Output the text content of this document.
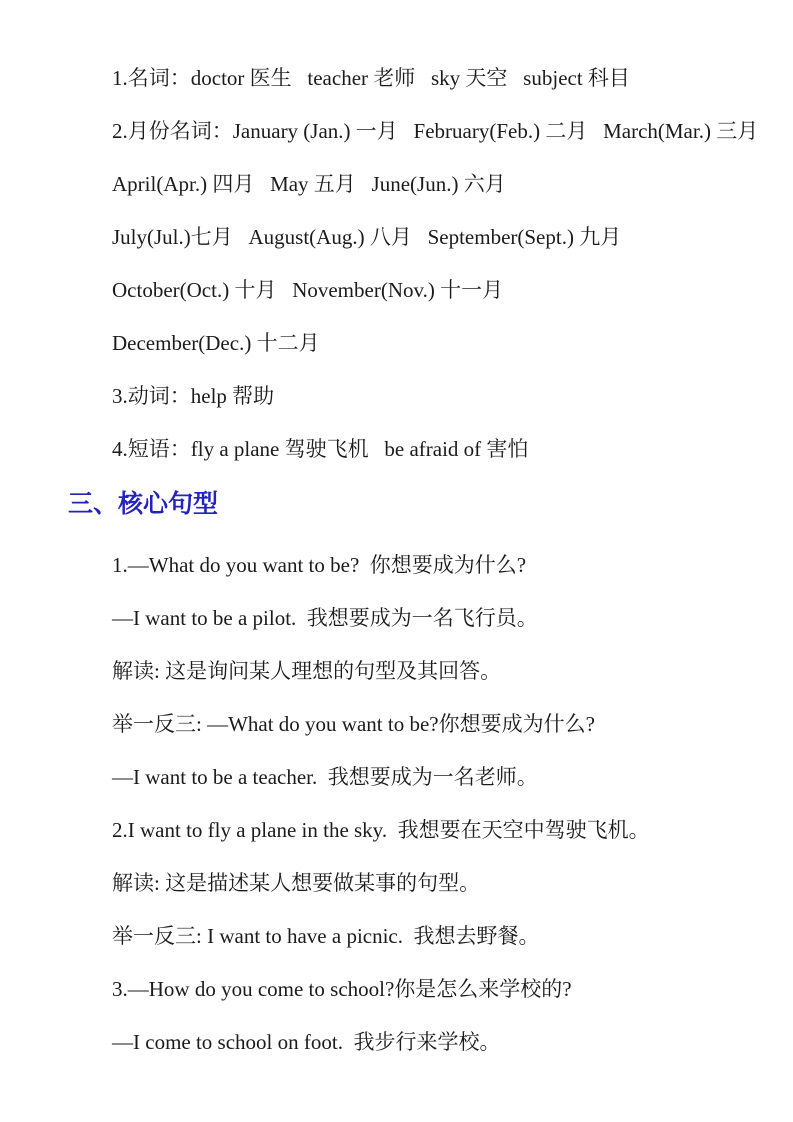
1.名词：doctor 医生   teacher 老师   sky 天空   subject 科目

2.月份名词：January (Jan.) 一月   February(Feb.) 二月   March(Mar.) 三月

April(Apr.) 四月   May 五月   June(Jun.) 六月

July(Jul.)七月   August(Aug.) 八月   September(Sept.) 九月

October(Oct.) 十月   November(Nov.) 十一月

December(Dec.) 十二月

3.动词：help 帮助

4.短语：fly a plane 驾驶飞机   be afraid of 害怕

三、核心句型

1.—What do you want to be?  你想要成为什么?

—I want to be a pilot.  我想要成为一名飞行员。

解读: 这是询问某人理想的句型及其回答。

举一反三: —What do you want to be?你想要成为什么?

—I want to be a teacher.  我想要成为一名老师。

2.I want to fly a plane in the sky.  我想要在天空中驾驶飞机。

解读: 这是描述某人想要做某事的句型。

举一反三: I want to have a picnic.  我想去野餐。

3.—How do you come to school?你是怎么来学校的?

—I come to school on foot.  我步行来学校。
